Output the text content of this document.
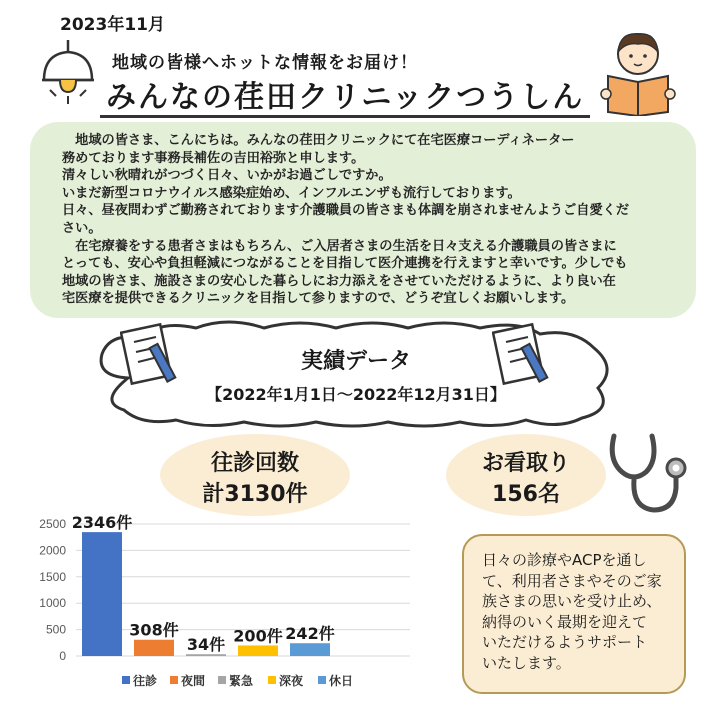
2023年11月
地域の皆様へホットな情報をお届け！
みんなの荏田クリニックつうしん

　地域の皆さま、こんにちは。みんなの荏田クリニックにて在宅医療コーディネーター

務めております事務長補佐の吉田裕弥と申します。

清々しい秋晴れがつづく日々、いかがお過ごしですか。

いまだ新型コロナウイルス感染症始め、インフルエンザも流行しております。

日々、昼夜問わずご勤務されております介護職員の皆さまも体調を崩されませんようご自愛くだ

さい。

　在宅療養をする患者さまはもちろん、ご入居者さまの生活を日々支える介護職員の皆さまに

とっても、安心や負担軽減につながることを目指して医介連携を行えますと幸いです。少しでも

地域の皆さま、施設さまの安心した暮らしにお力添えをさせていただけるように、より良い在

宅医療を提供できるクリニックを目指して参りますので、どうぞ宜しくお願いします。

実績データ
【2022年1月1日～2022年12月31日】
往診回数
計3130件
お看取り
156名
0
500
1000
1500
2000
2500 2346件
308件
34件 200件 242件
往診 夜間 緊急 深夜 休日

日々の診療やACPを通し

て、利用者さまやそのご家

族さまの思いを受け止め、

納得のいく最期を迎えて

いただけるようサポート

いたします。
